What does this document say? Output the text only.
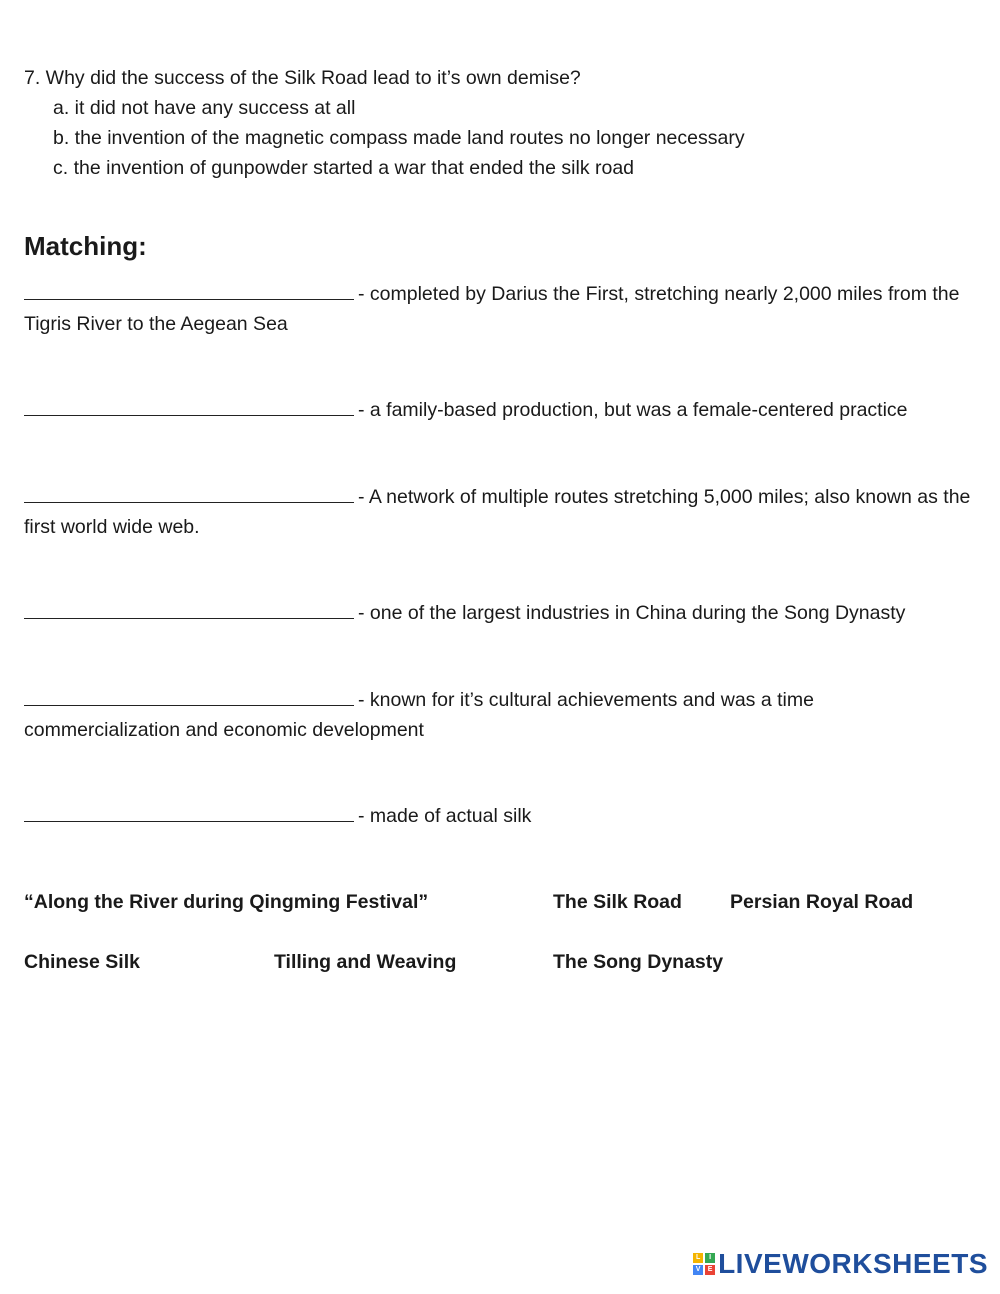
7. Why did the success of the Silk Road lead to it’s own demise?
a. it did not have any success at all
b. the invention of the magnetic compass made land routes no longer necessary
c. the invention of gunpowder started a war that ended the silk road
Matching:
- completed by Darius the First, stretching nearly 2,000 miles from the Tigris River to the Aegean Sea
- a family-based production, but was a female-centered practice
- A network of multiple routes stretching 5,000 miles; also known as the first world wide web.
- one of the largest industries in China during the Song Dynasty
- known for it’s cultural achievements and was a time commercialization and economic development
- made of actual silk
“Along the River during Qingming Festival”	The Silk Road Persian Royal Road
Chinese Silk	Tilling and Weaving	The Song Dynasty
L	I
V	E LIVEWORKSHEETS
